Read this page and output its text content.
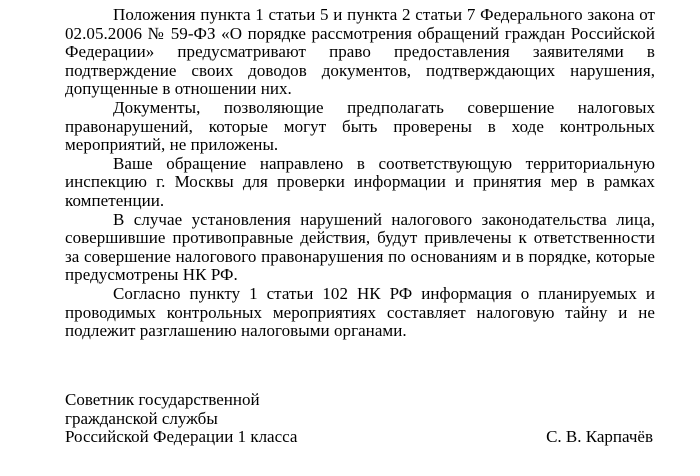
Положения пункта 1 статьи 5 и пункта 2 статьи 7 Федерального закона от 02.05.2006 № 59-ФЗ «О порядке рассмотрения обращений граждан Российской Федерации» предусматривают право предоставления заявителями в подтверждение своих доводов документов, подтверждающих нарушения, допущенные в отношении них.

Документы, позволяющие предполагать совершение налоговых правонарушений, которые могут быть проверены в ходе контрольных мероприятий, не приложены.

Ваше обращение направлено в соответствующую территориальную инспекцию г. Москвы для проверки информации и принятия мер в рамках компетенции.

В случае установления нарушений налогового законодательства лица, совершившие противоправные действия, будут привлечены к ответственности за совершение налогового правонарушения по основаниям и в порядке, которые предусмотрены НК РФ.

Согласно пункту 1 статьи 102 НК РФ информация о планируемых и проводимых контрольных мероприятиях составляет налоговую тайну и не подлежит разглашению налоговыми органами.

Советник государственной
гражданской службы
Российской Федерации 1 класса	С. В. Карпачёв
